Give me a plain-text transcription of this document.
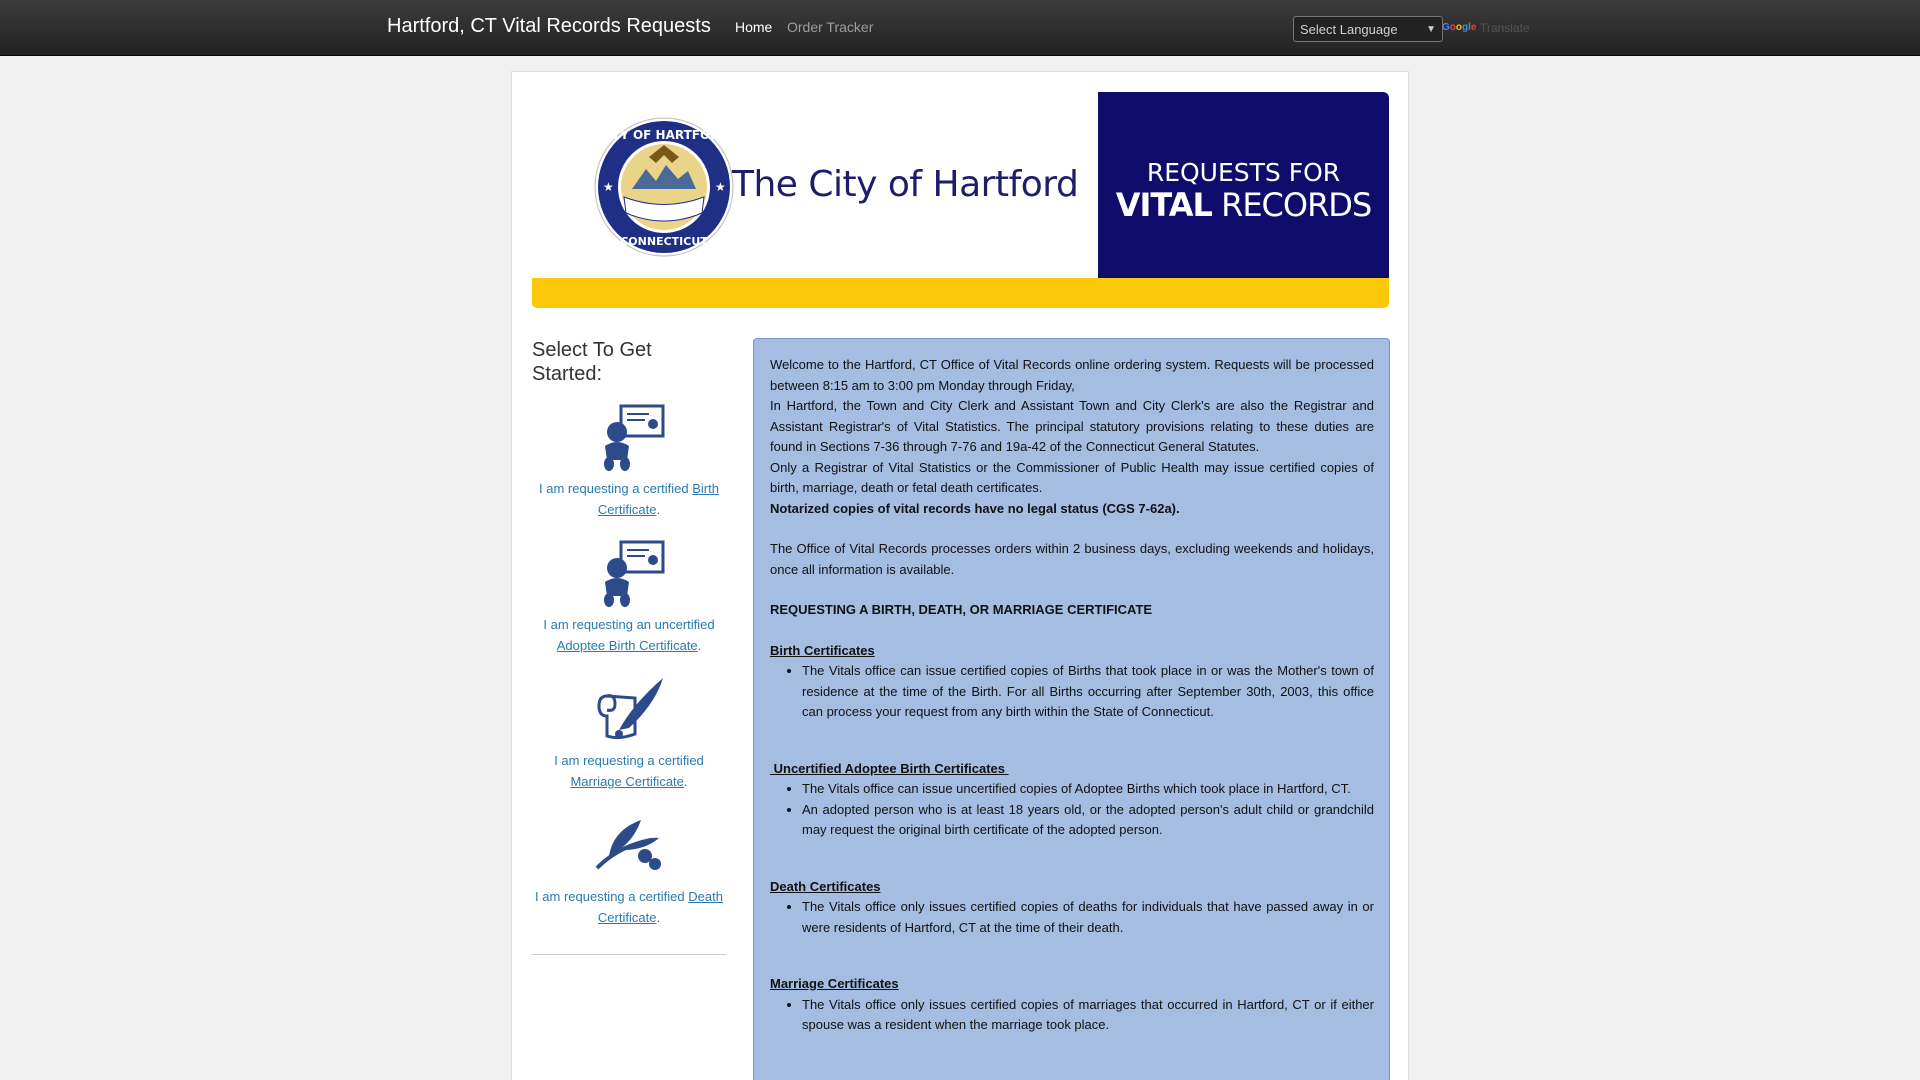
Hartford, CT Vital Records Requests Home Order Tracker	Select Language	▼ Google Translate
CITY OF HARTFORD
CONNECTICUT
★	★ The City of Hartford	REQUESTS FOR
VITAL RECORDS
Select To Get Started:
I am requesting a certified Birth Certificate.
I am requesting an uncertified Adoptee Birth Certificate.
I am requesting a certified Marriage Certificate.
I am requesting a certified Death Certificate.

Welcome to the Hartford, CT Office of Vital Records online ordering system. Requests will be processed between 8:15 am to 3:00 pm Monday through Friday,

In Hartford, the Town and City Clerk and Assistant Town and City Clerk's are also the Registrar and Assistant Registrar's of Vital Statistics. The principal statutory provisions relating to these duties are found in Sections 7-36 through 7-76 and 19a-42 of the Connecticut General Statutes.

Only a Registrar of Vital Statistics or the Commissioner of Public Health may issue certified copies of birth, marriage, death or fetal death certificates.

Notarized copies of vital records have no legal status (CGS 7-62a).

The Office of Vital Records processes orders within 2 business days, excluding weekends and holidays, once all information is available.

REQUESTING A BIRTH, DEATH, OR MARRIAGE CERTIFICATE

Birth Certificates

• The Vitals office can issue certified copies of Births that took place in or was the Mother's town of residence at the time of the Birth. For all Births occurring after September 30th, 2003, this office can process your request from any birth within the State of Connecticut.

Uncertified Adoptee Birth Certificates

• The Vitals office can issue uncertified copies of Adoptee Births which took place in Hartford, CT.
• An adopted person who is at least 18 years old, or the adopted person's adult child or grandchild may request the original birth certificate of the adopted person.

Death Certificates

• The Vitals office only issues certified copies of deaths for individuals that have passed away in or were residents of Hartford, CT at the time of their death.

Marriage Certificates

• The Vitals office only issues certified copies of marriages that occurred in Hartford, CT or if either spouse was a resident when the marriage took place.
